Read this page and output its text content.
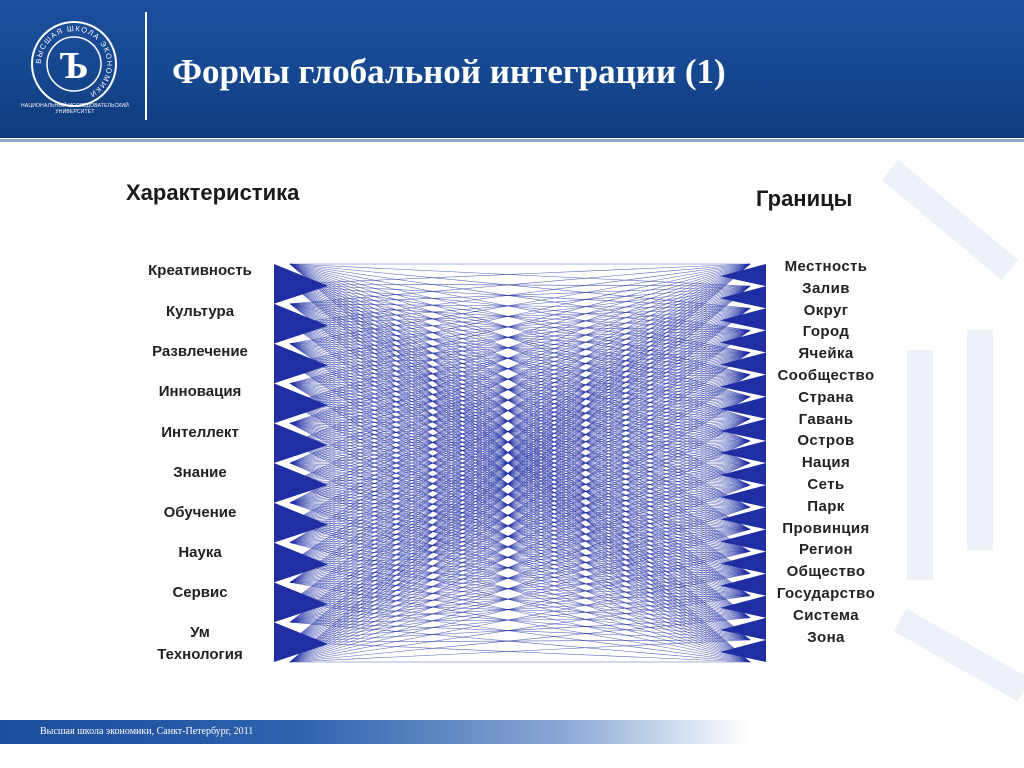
ВЫСШАЯ ШКОЛА ЭКОНОМИКИ
Ъ
НАЦИОНАЛЬНЫЙ ИССЛЕДОВАТЕЛЬСКИЙ
УНИВЕРСИТЕТ
Формы глобальной интеграции (1)
Характеристика	Границы
Креативность
Культура
Развлечение
Инновация
Интеллект
Знание
Обучение
Наука
Сервис
Ум
Технология
Местность
Залив
Округ
Город
Ячейка
Сообщество
Страна
Гавань
Остров
Нация
Сеть
Парк
Провинция
Регион
Общество
Государство
Система
Зона
Высшая школа экономики, Санкт-Петербург, 2011
